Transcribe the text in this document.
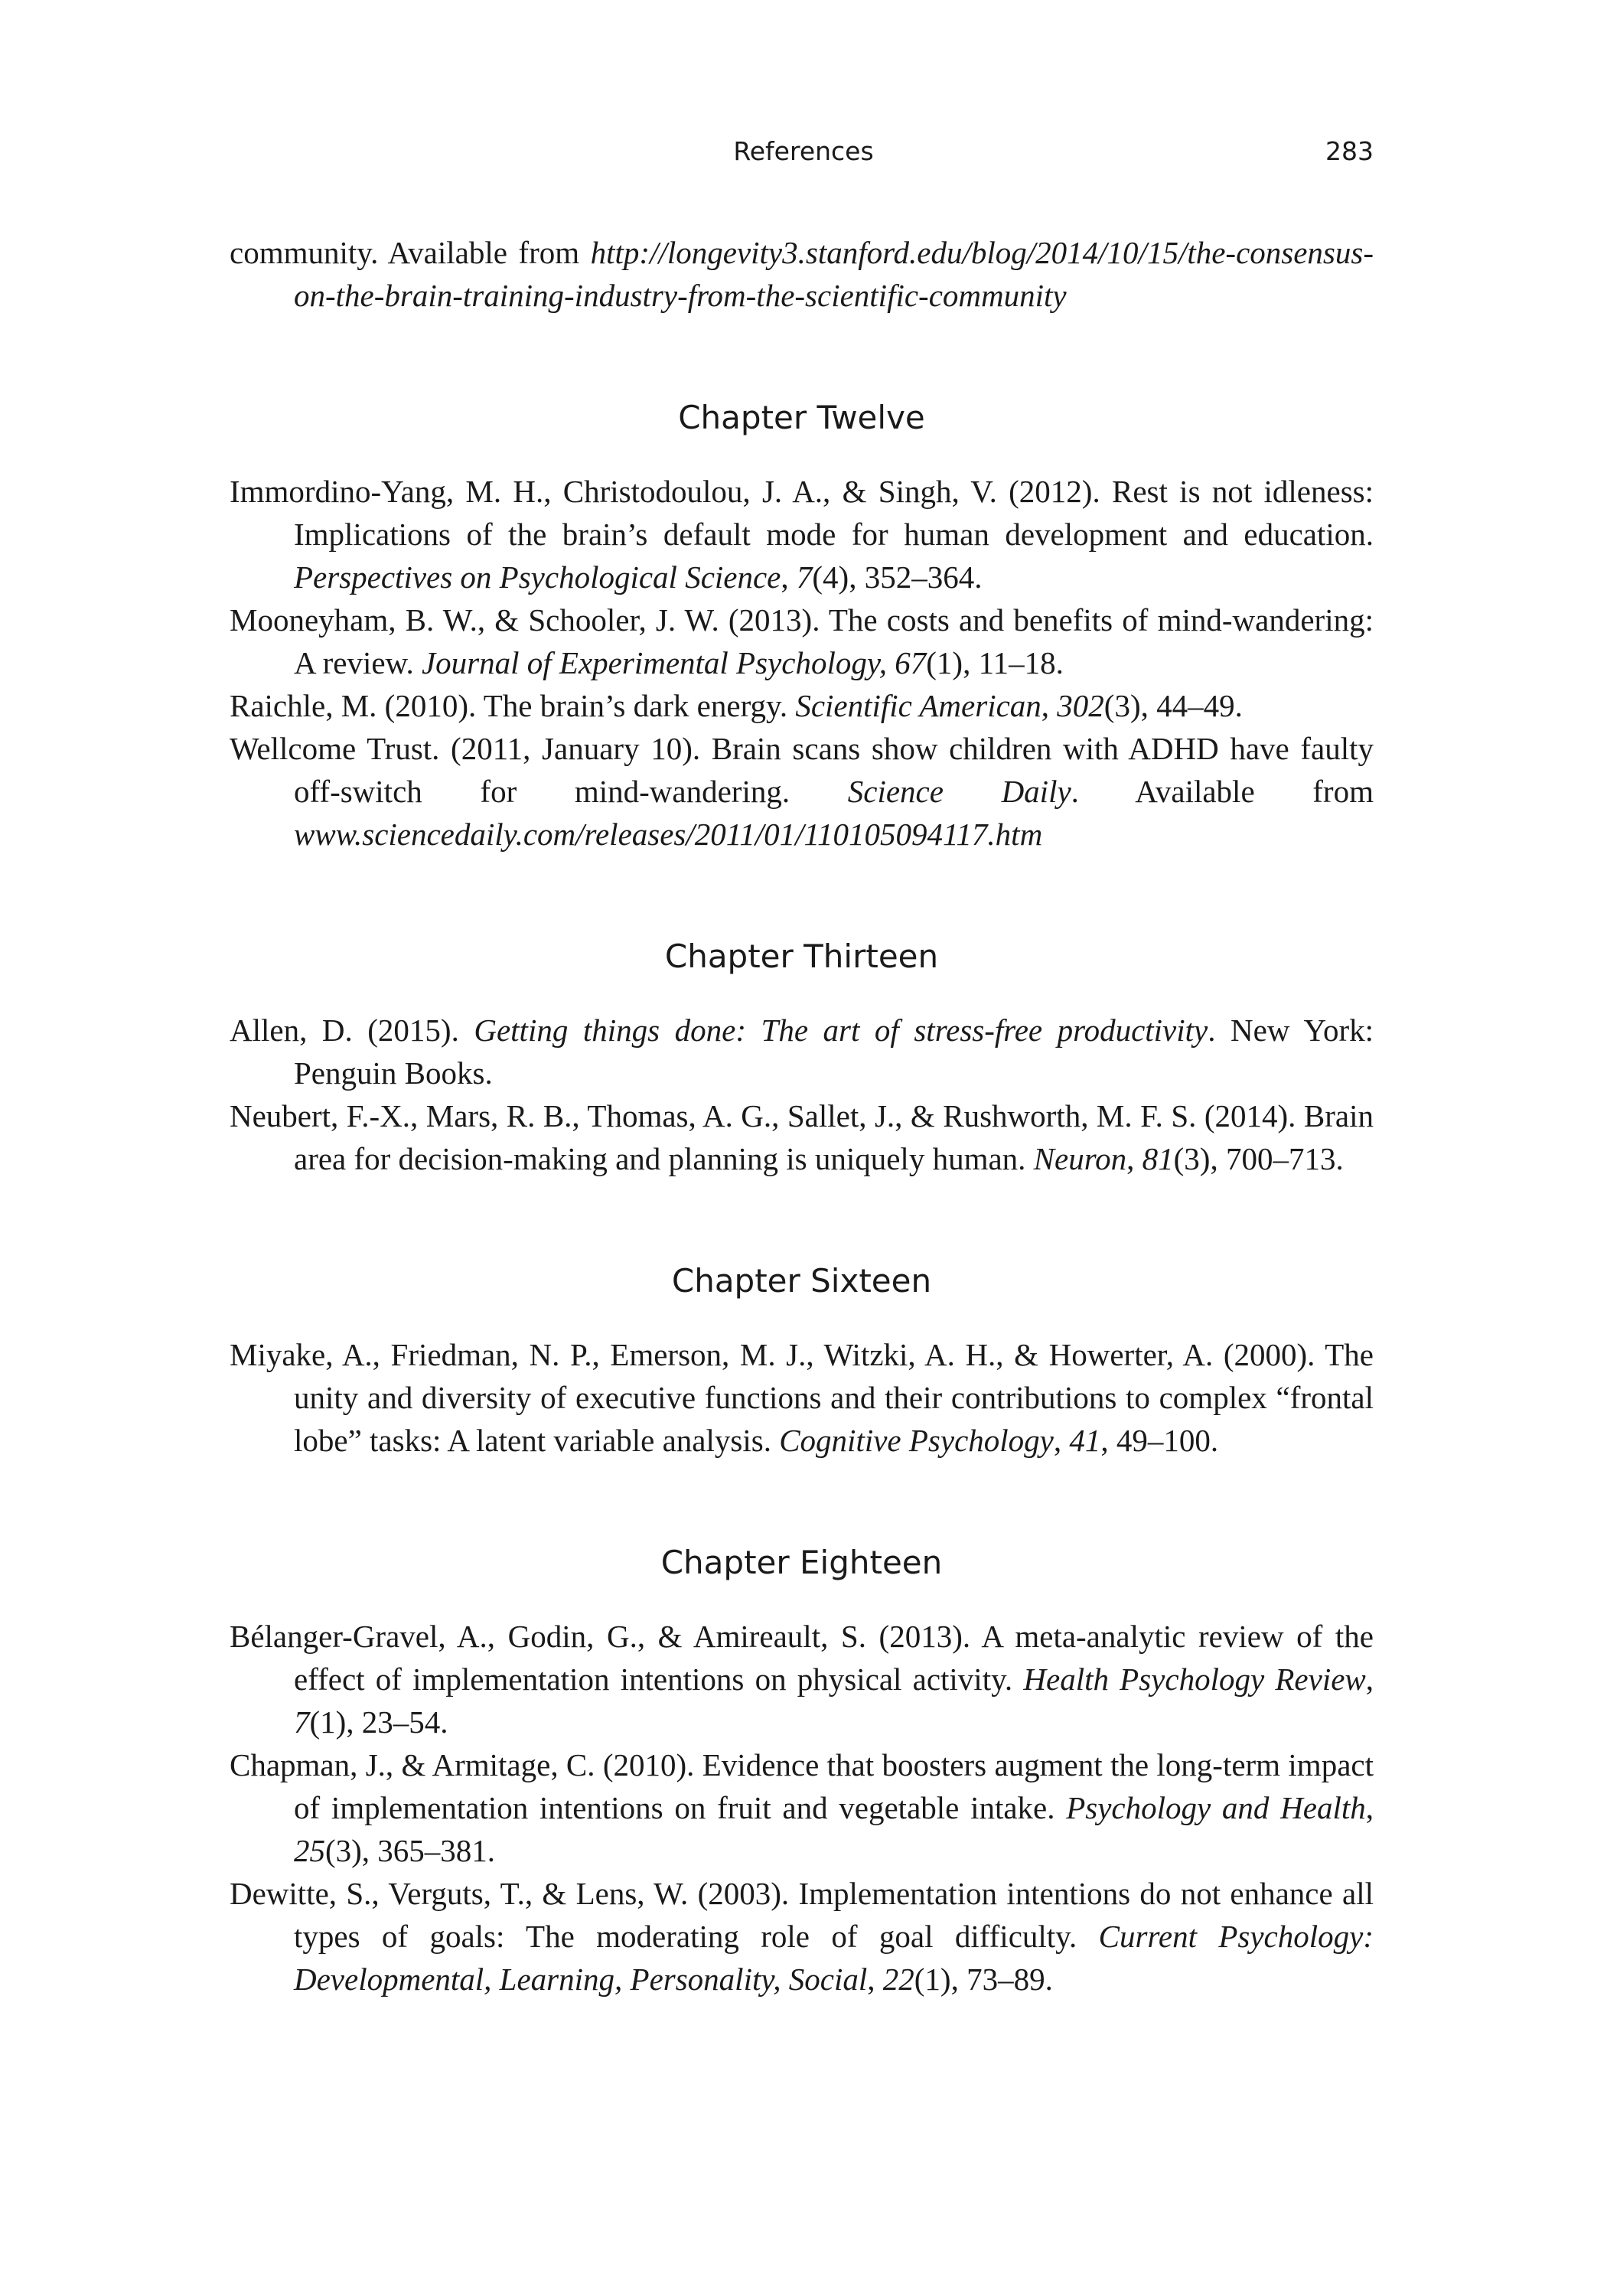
References	283

community. Available from http://longevity3.stanford.edu/blog/2014/10/15/the-consensus-on-the-brain-training-industry-from-the-scientific-community

Chapter Twelve

Immordino-Yang, M. H., Christodoulou, J. A., & Singh, V. (2012). Rest is not idleness: Implications of the brain’s default mode for human development and education. Perspectives on Psychological Science, 7(4), 352–364.

Mooneyham, B. W., & Schooler, J. W. (2013). The costs and benefits of mind-wandering: A review. Journal of Experimental Psychology, 67(1), 11–18.

Raichle, M. (2010). The brain’s dark energy. Scientific American, 302(3), 44–49.

Wellcome Trust. (2011, January 10). Brain scans show children with ADHD have faulty off-switch for mind-wandering. Science Daily. Available from www.sciencedaily.com/releases/2011/01/110105094117.htm

Chapter Thirteen

Allen, D. (2015). Getting things done: The art of stress-free productivity. New York: Penguin Books.

Neubert, F.-X., Mars, R. B., Thomas, A. G., Sallet, J., & Rushworth, M. F. S. (2014). Brain area for decision-making and planning is uniquely human. Neuron, 81(3), 700–713.

Chapter Sixteen

Miyake, A., Friedman, N. P., Emerson, M. J., Witzki, A. H., & Howerter, A. (2000). The unity and diversity of executive functions and their contributions to complex “frontal lobe” tasks: A latent variable analysis. Cognitive Psychology, 41, 49–100.

Chapter Eighteen

Bélanger-Gravel, A., Godin, G., & Amireault, S. (2013). A meta-analytic review of the effect of implementation intentions on physical activity. Health Psychology Review, 7(1), 23–54.

Chapman, J., & Armitage, C. (2010). Evidence that boosters augment the long-term impact of implementation intentions on fruit and vegetable intake. Psychology and Health, 25(3), 365–381.

Dewitte, S., Verguts, T., & Lens, W. (2003). Implementation intentions do not enhance all types of goals: The moderating role of goal difficulty. Current Psychology: Developmental, Learning, Personality, Social, 22(1), 73–89.
